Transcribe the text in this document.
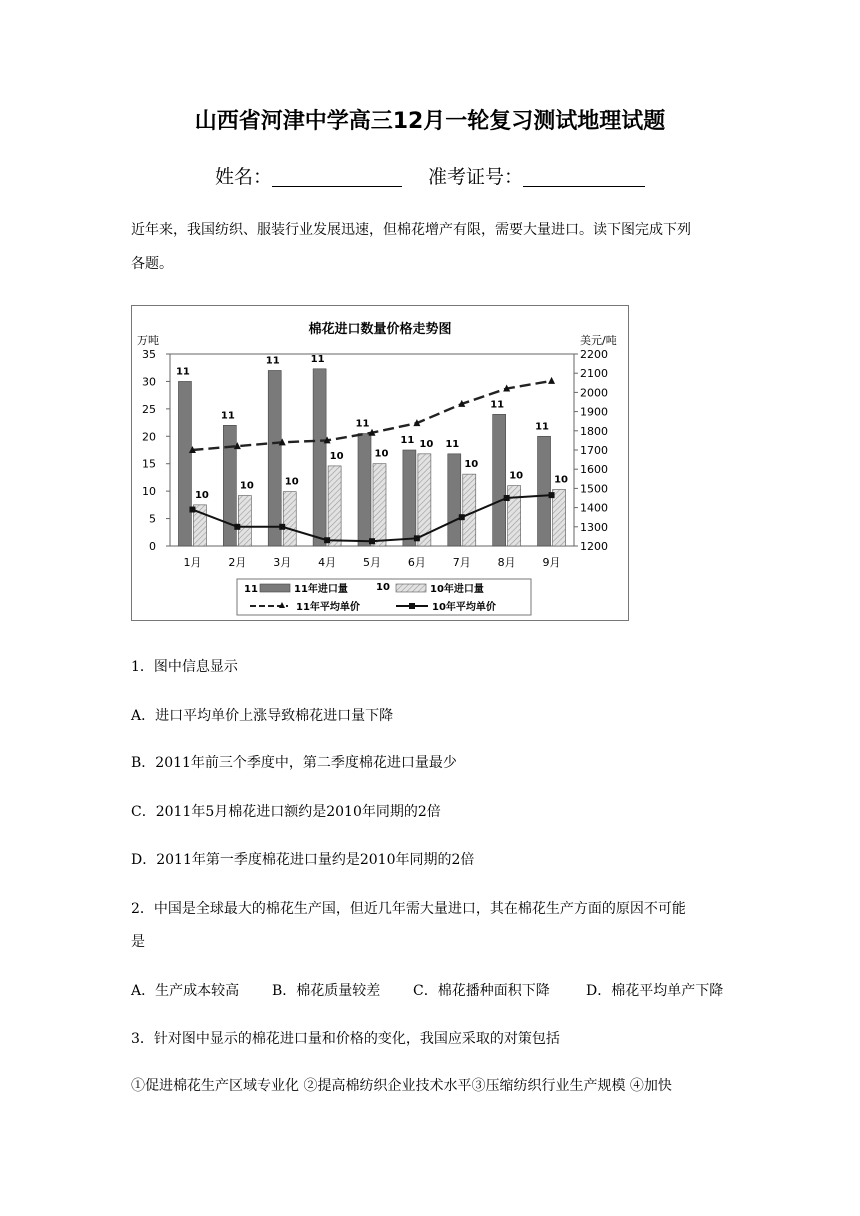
山西省河津中学高三12月一轮复习测试地理试题
姓名：	准考证号：
近年来，我国纺织、服装行业发展迅速，但棉花增产有限，需要大量进口。读下图完成下列
各题。
棉花进口数量价格走势图
万吨	美元/吨
0
5
10
15
20
25
30
35
1200
1300
1400
1500
1600
1700
1800
1900
2000
2100
2200
1月 2月 3月 4月 5月 6月 7月 8月 9月
11
11
11	11
11
11	11
11
11
10
10	10
10	10
10
10
10	10
11	11年进口量	10	10年进口量
11年平均单价	10年平均单价
1．图中信息显示
A．进口平均单价上涨导致棉花进口量下降
B．2011年前三个季度中，第二季度棉花进口量最少
C．2011年5月棉花进口额约是2010年同期的2倍
D．2011年第一季度棉花进口量约是2010年同期的2倍
2．中国是全球最大的棉花生产国，但近几年需大量进口，其在棉花生产方面的原因不可能
是
A．生产成本较高 B．棉花质量较差 C．棉花播种面积下降	D．棉花平均单产下降
3．针对图中显示的棉花进口量和价格的变化，我国应采取的对策包括
①促进棉花生产区域专业化 ②提高棉纺织企业技术水平③压缩纺织行业生产规模 ④加快
